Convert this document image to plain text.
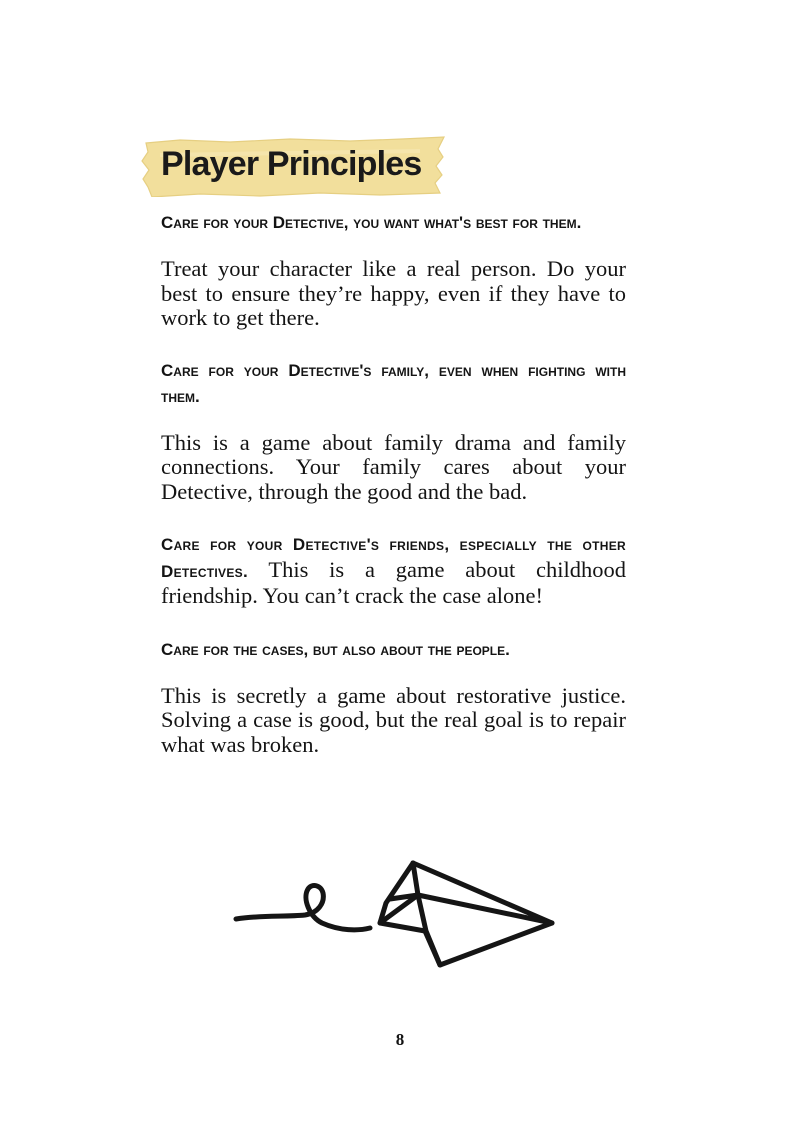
Player Principles
Care for your Detective, you want what's best for them.

Treat your character like a real person. Do your best to ensure they’re happy, even if they have to work to get there.

Care for your Detective's family, even when fighting with them.

This is a game about family drama and family connections. Your family cares about your Detective, through the good and the bad.

Care for your Detective's friends, especially the other Detectives. This is a game about childhood friendship. You can’t crack the case alone!

Care for the cases, but also about the people.

This is secretly a game about restorative justice. Solving a case is good, but the real goal is to repair what was broken.

8
